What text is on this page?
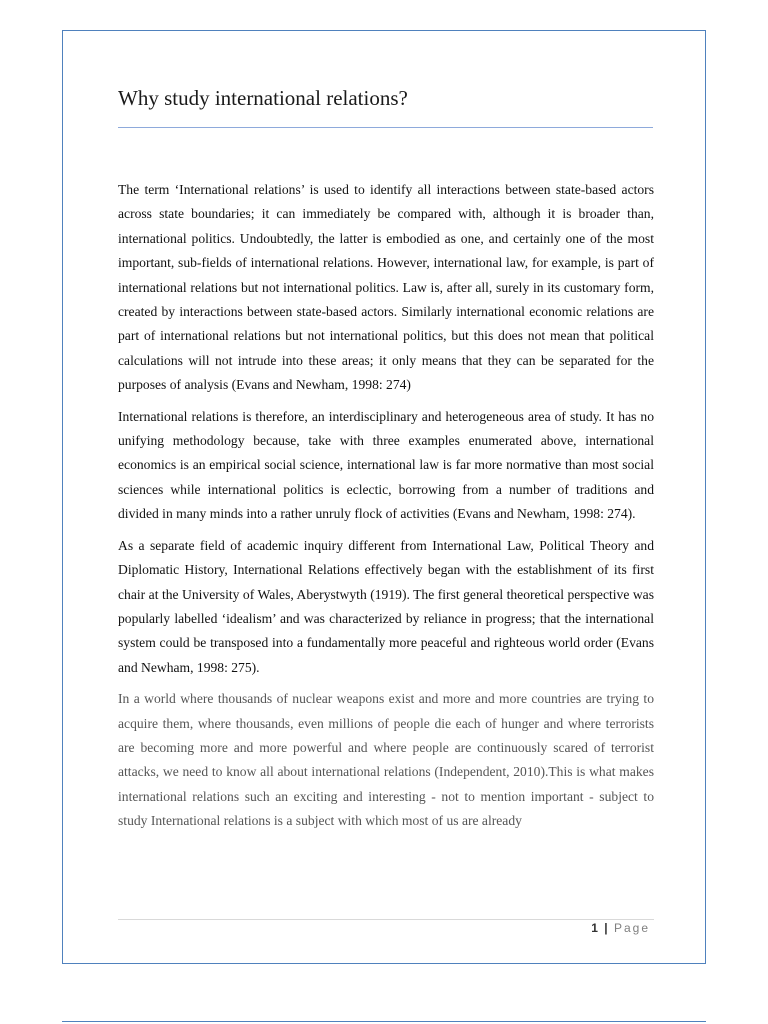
Why study international relations?

The term ‘International relations’ is used to identify all interactions between state-based actors across state boundaries; it can immediately be compared with, although it is broader than, international politics. Undoubtedly, the latter is embodied as one, and certainly one of the most important, sub-fields of international relations. However, international law, for example, is part of international relations but not international politics. Law is, after all, surely in its customary form, created by interactions between state-based actors. Similarly international economic relations are part of international relations but not international politics, but this does not mean that political calculations will not intrude into these areas; it only means that they can be separated for the purposes of analysis (Evans and Newham, 1998: 274)

International relations is therefore, an interdisciplinary and heterogeneous area of study. It has no unifying methodology because, take with three examples enumerated above, international economics is an empirical social science, international law is far more normative than most social sciences while international politics is eclectic, borrowing from a number of traditions and divided in many minds into a rather unruly flock of activities (Evans and Newham, 1998: 274).

As a separate field of academic inquiry different from International Law, Political Theory and Diplomatic History, International Relations effectively began with the establishment of its first chair at the University of Wales, Aberystwyth (1919). The first general theoretical perspective was popularly labelled ‘idealism’ and was characterized by reliance in progress; that the international system could be transposed into a fundamentally more peaceful and righteous world order (Evans and Newham, 1998: 275).

In a world where thousands of nuclear weapons exist and more and more countries are trying to acquire them, where thousands, even millions of people die each of hunger and where terrorists are becoming more and more powerful and where people are continuously scared of terrorist attacks, we need to know all about international relations (Independent, 2010).This is what makes international relations such an exciting and interesting - not to mention important - subject to study International relations is a subject with which most of us are already

1 | Page
